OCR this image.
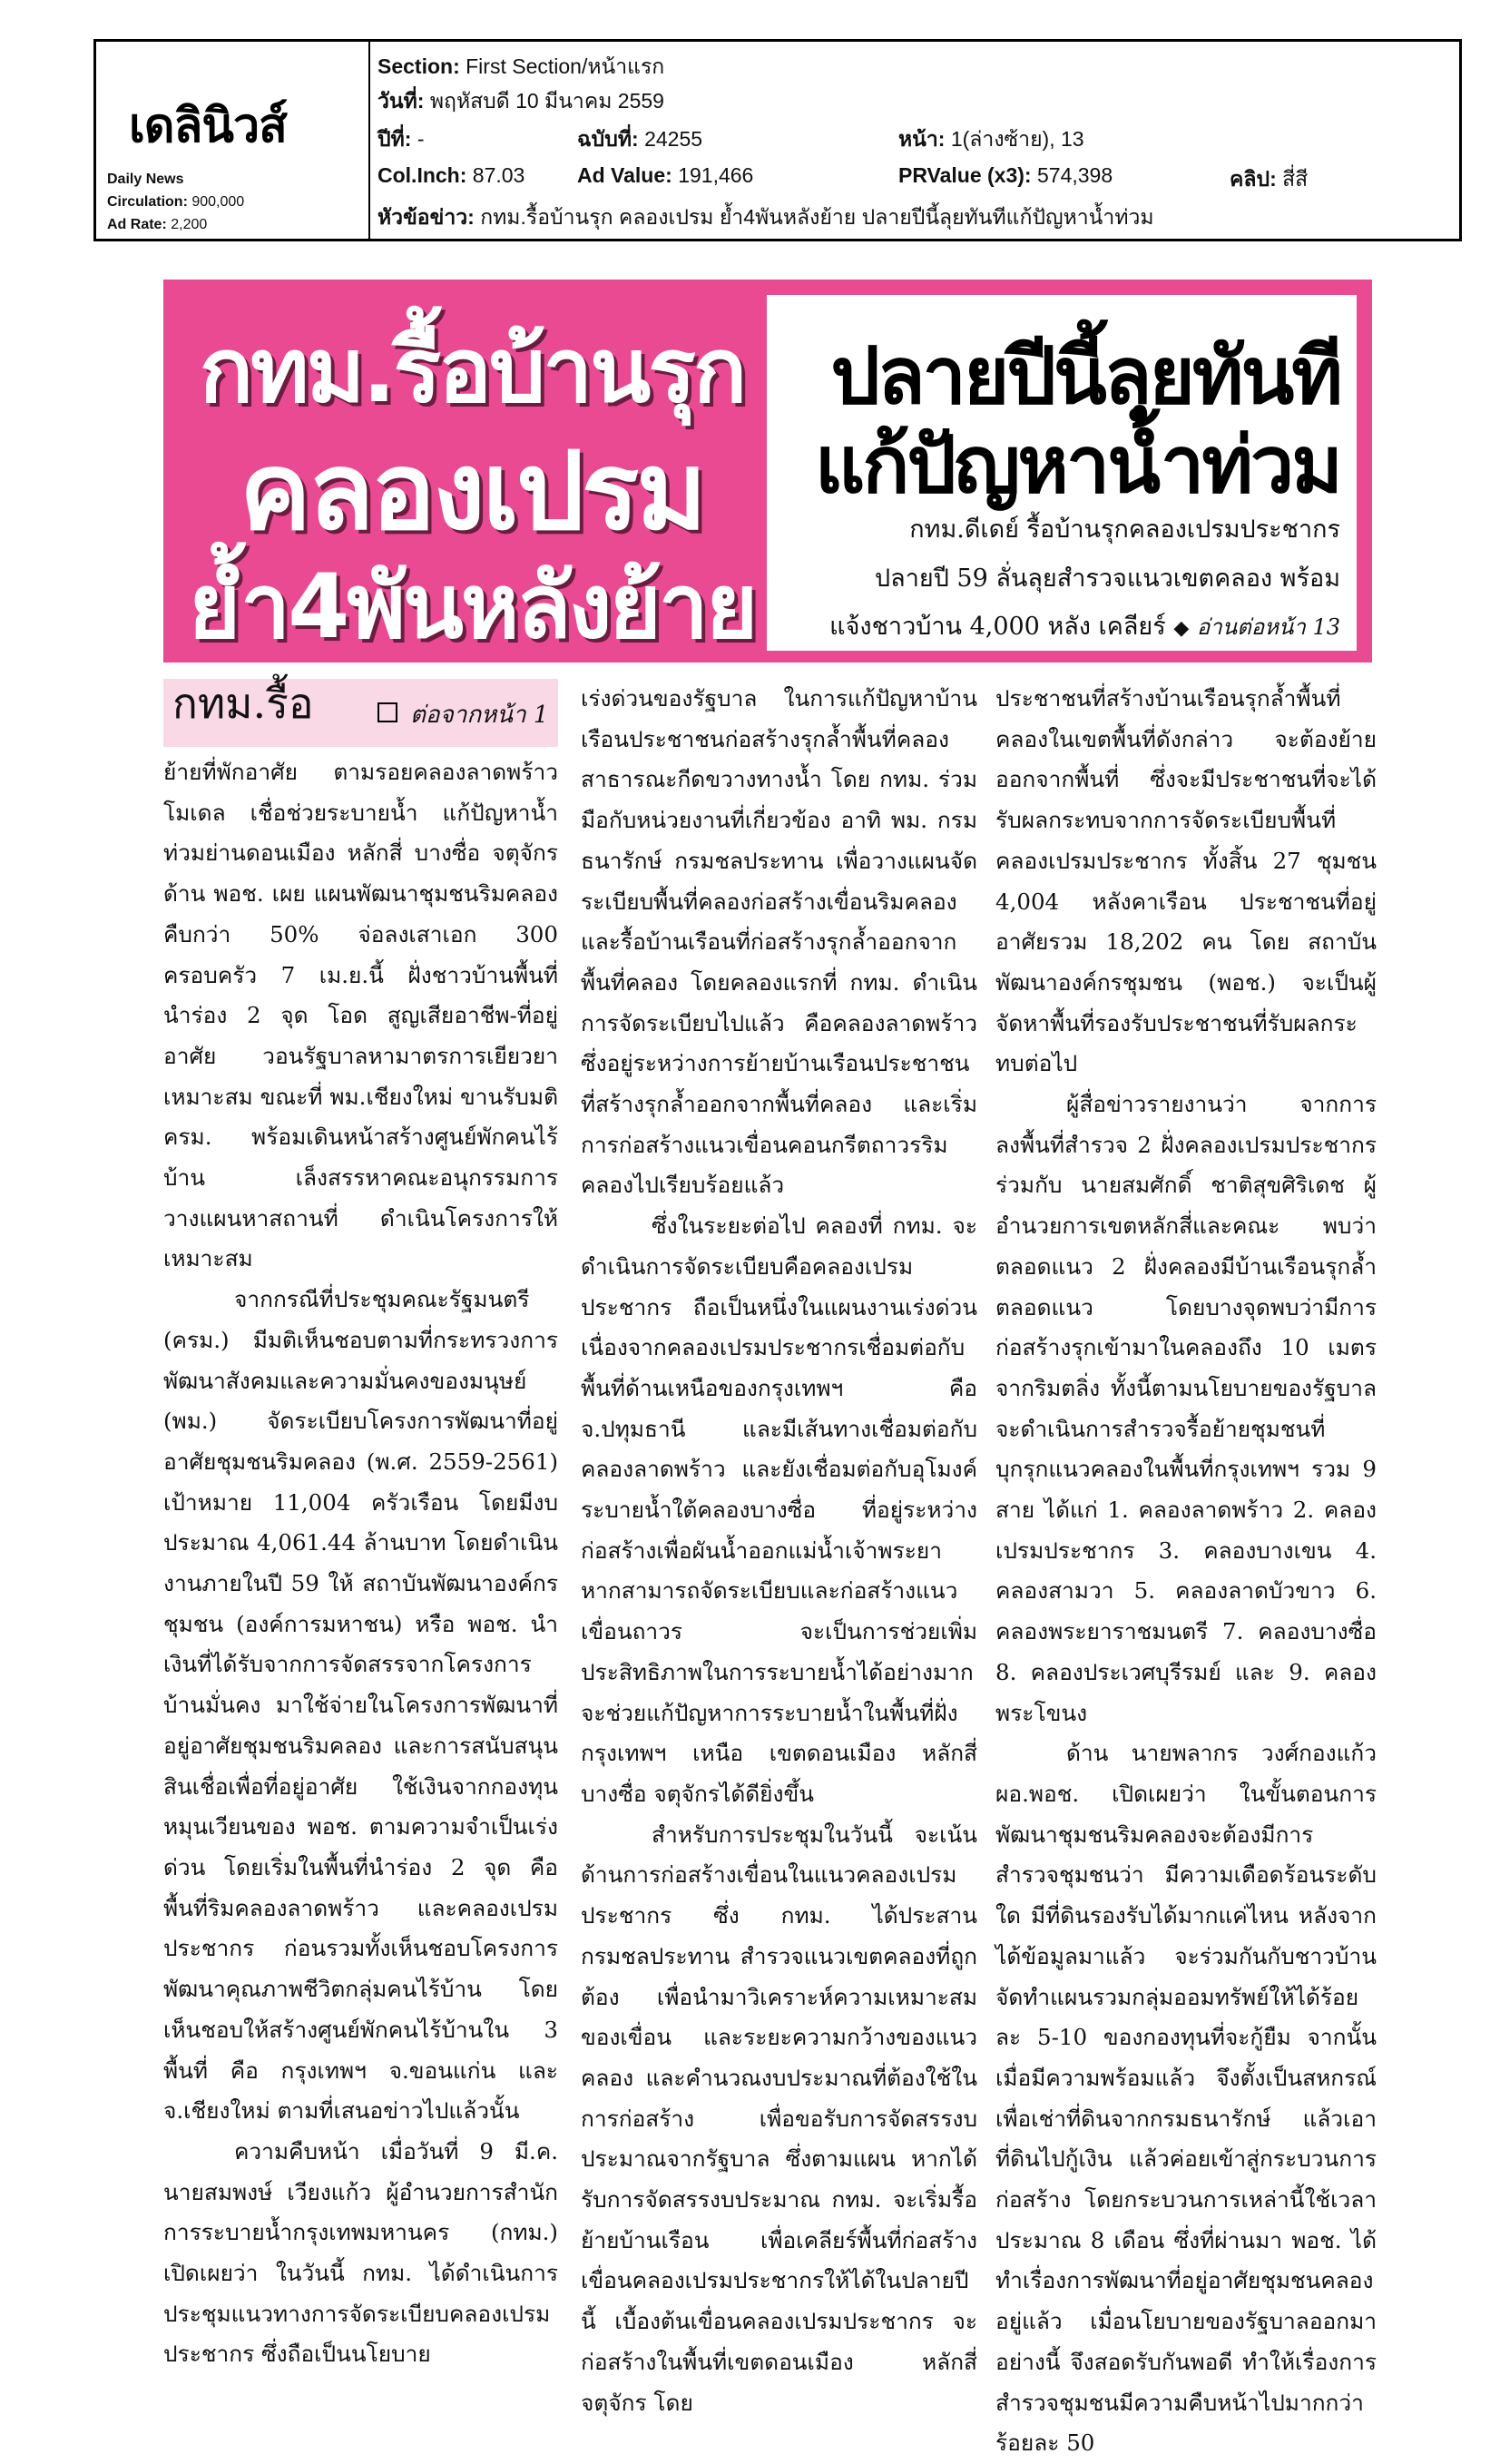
เดลินิวส์
Daily News
Circulation: 900,000
Ad Rate: 2,200
Section: First Section/หน้าแรก
วันที่: พฤหัสบดี 10 มีนาคม 2559
ปีที่: -	ฉบับที่: 24255	หน้า: 1(ล่างซ้าย), 13
Col.Inch: 87.03	Ad Value: 191,466	PRValue (x3): 574,398	คลิป: สี่สี
หัวข้อข่าว: กทม.รื้อบ้านรุก คลองเปรม ย้ำ4พันหลังย้าย ปลายปีนี้ลุยทันทีแก้ปัญหาน้ำท่วม
กทม.รื้อบ้านรุก
คลองเปรม
ย้ำ4พันหลังย้าย
ปลายปีนี้ลุยทันที
แก้ปัญหาน้ำท่วม
กทม.ดีเดย์ รื้อบ้านรุกคลองเปรมประชากร
ปลายปี 59 ลั่นลุยสำรวจแนวเขตคลอง พร้อม
แจ้งชาวบ้าน 4,000 หลัง เคลียร์ ◆ อ่านต่อหน้า 13
กทม.รื้อ	ต่อจากหน้า 1

ย้ายที่พักอาศัย ตามรอยคลองลาดพร้าวโมเดล เชื่อช่วยระบายน้ำ แก้ปัญหาน้ำท่วมย่านดอนเมือง หลักสี่ บางซื่อ จตุจักร ด้าน พอช. เผย แผนพัฒนาชุมชนริมคลอง คืบกว่า 50% จ่อลงเสาเอก 300 ครอบครัว 7 เม.ย.นี้ ฝั่งชาวบ้านพื้นที่นำร่อง 2 จุด โอด สูญเสียอาชีพ-ที่อยู่อาศัย วอนรัฐบาลหามาตรการเยียวยาเหมาะสม ขณะที่ พม.เชียงใหม่ ขานรับมติ ครม. พร้อมเดินหน้าสร้างศูนย์พักคนไร้บ้าน เล็งสรรหาคณะอนุกรรมการ วางแผนหาสถานที่ ดำเนินโครงการให้เหมาะสม

จากกรณีที่ประชุมคณะรัฐมนตรี (ครม.) มีมติเห็นชอบตามที่กระทรวงการพัฒนาสังคมและความมั่นคงของมนุษย์ (พม.) จัดระเบียบโครงการพัฒนาที่อยู่อาศัยชุมชนริมคลอง (พ.ศ. 2559-2561) เป้าหมาย 11,004 ครัวเรือน โดยมีงบประมาณ 4,061.44 ล้านบาท โดยดำเนินงานภายในปี 59 ให้ สถาบันพัฒนาองค์กรชุมชน (องค์การมหาชน) หรือ พอช. นำเงินที่ได้รับจากการจัดสรรจากโครงการบ้านมั่นคง มาใช้จ่ายในโครงการพัฒนาที่อยู่อาศัยชุมชนริมคลอง และการสนับสนุนสินเชื่อเพื่อที่อยู่อาศัย ใช้เงินจากกองทุนหมุนเวียนของ พอช. ตามความจำเป็นเร่งด่วน โดยเริ่มในพื้นที่นำร่อง 2 จุด คือ พื้นที่ริมคลองลาดพร้าว และคลองเปรมประชากร ก่อนรวมทั้งเห็นชอบโครงการพัฒนาคุณภาพชีวิตกลุ่มคนไร้บ้าน โดยเห็นชอบให้สร้างศูนย์พักคนไร้บ้านใน 3 พื้นที่ คือ กรุงเทพฯ จ.ขอนแก่น และ จ.เชียงใหม่ ตามที่เสนอข่าวไปแล้วนั้น

ความคืบหน้า เมื่อวันที่ 9 มี.ค. นายสมพงษ์ เวียงแก้ว ผู้อำนวยการสำนักการระบายน้ำกรุงเทพมหานคร (กทม.) เปิดเผยว่า ในวันนี้ กทม. ได้ดำเนินการประชุมแนวทางการจัดระเบียบคลองเปรมประชากร ซึ่งถือเป็นนโยบาย

เร่งด่วนของรัฐบาล ในการแก้ปัญหาบ้านเรือนประชาชนก่อสร้างรุกล้ำพื้นที่คลองสาธารณะกีดขวางทางน้ำ โดย กทม. ร่วมมือกับหน่วยงานที่เกี่ยวข้อง อาทิ พม. กรมธนารักษ์ กรมชลประทาน เพื่อวางแผนจัดระเบียบพื้นที่คลองก่อสร้างเขื่อนริมคลอง และรื้อบ้านเรือนที่ก่อสร้างรุกล้ำออกจากพื้นที่คลอง โดยคลองแรกที่ กทม. ดำเนินการจัดระเบียบไปแล้ว คือคลองลาดพร้าว ซึ่งอยู่ระหว่างการย้ายบ้านเรือนประชาชน ที่สร้างรุกล้ำออกจากพื้นที่คลอง และเริ่มการก่อสร้างแนวเขื่อนคอนกรีตถาวรริมคลองไปเรียบร้อยแล้ว

ซึ่งในระยะต่อไป คลองที่ กทม. จะดำเนินการจัดระเบียบคือคลองเปรมประชากร ถือเป็นหนึ่งในแผนงานเร่งด่วน เนื่องจากคลองเปรมประชากรเชื่อมต่อกับพื้นที่ด้านเหนือของกรุงเทพฯ คือ จ.ปทุมธานี และมีเส้นทางเชื่อมต่อกับคลองลาดพร้าว และยังเชื่อมต่อกับอุโมงค์ระบายน้ำใต้คลองบางซื่อ ที่อยู่ระหว่างก่อสร้างเพื่อผันน้ำออกแม่น้ำเจ้าพระยา หากสามารถจัดระเบียบและก่อสร้างแนวเขื่อนถาวร จะเป็นการช่วยเพิ่มประสิทธิภาพในการระบายน้ำได้อย่างมาก จะช่วยแก้ปัญหาการระบายน้ำในพื้นที่ฝั่งกรุงเทพฯ เหนือ เขตดอนเมือง หลักสี่ บางซื่อ จตุจักรได้ดียิ่งขึ้น

สำหรับการประชุมในวันนี้ จะเน้นด้านการก่อสร้างเขื่อนในแนวคลองเปรมประชากร ซึ่ง กทม. ได้ประสานกรมชลประทาน สำรวจแนวเขตคลองที่ถูกต้อง เพื่อนำมาวิเคราะห์ความเหมาะสมของเขื่อน และระยะความกว้างของแนวคลอง และคำนวณงบประมาณที่ต้องใช้ในการก่อสร้าง เพื่อขอรับการจัดสรรงบประมาณจากรัฐบาล ซึ่งตามแผน หากได้รับการจัดสรรงบประมาณ กทม. จะเริ่มรื้อย้ายบ้านเรือน เพื่อเคลียร์พื้นที่ก่อสร้างเขื่อนคลองเปรมประชากรให้ได้ในปลายปีนี้ เบื้องต้นเขื่อนคลองเปรมประชากร จะก่อสร้างในพื้นที่เขตดอนเมือง หลักสี่ จตุจักร โดย

ประชาชนที่สร้างบ้านเรือนรุกล้ำพื้นที่คลองในเขตพื้นที่ดังกล่าว จะต้องย้ายออกจากพื้นที่ ซึ่งจะมีประชาชนที่จะได้รับผลกระทบจากการจัดระเบียบพื้นที่คลองเปรมประชากร ทั้งสิ้น 27 ชุมชน 4,004 หลังคาเรือน ประชาชนที่อยู่อาศัยรวม 18,202 คน โดย สถาบันพัฒนาองค์กรชุมชน (พอช.) จะเป็นผู้จัดหาพื้นที่รองรับประชาชนที่รับผลกระทบต่อไป

ผู้สื่อข่าวรายงานว่า จากการลงพื้นที่สำรวจ 2 ฝั่งคลองเปรมประชากรร่วมกับ นายสมศักดิ์ ชาติสุขศิริเดช ผู้อำนวยการเขตหลักสี่และคณะ พบว่าตลอดแนว 2 ฝั่งคลองมีบ้านเรือนรุกล้ำตลอดแนว โดยบางจุดพบว่ามีการก่อสร้างรุกเข้ามาในคลองถึง 10 เมตรจากริมตลิ่ง ทั้งนี้ตามนโยบายของรัฐบาลจะดำเนินการสำรวจรื้อย้ายชุมชนที่บุกรุกแนวคลองในพื้นที่กรุงเทพฯ รวม 9 สาย ได้แก่ 1. คลองลาดพร้าว 2. คลองเปรมประชากร 3. คลองบางเขน 4. คลองสามวา 5. คลองลาดบัวขาว 6. คลองพระยาราชมนตรี 7. คลองบางซื่อ 8. คลองประเวศบุรีรมย์ และ 9. คลองพระโขนง

ด้าน นายพลากร วงศ์กองแก้ว ผอ.พอช. เปิดเผยว่า ในขั้นตอนการพัฒนาชุมชนริมคลองจะต้องมีการสำรวจชุมชนว่า มีความเดือดร้อนระดับใด มีที่ดินรองรับได้มากแค่ไหน หลังจากได้ข้อมูลมาแล้ว จะร่วมกันกับชาวบ้านจัดทำแผนรวมกลุ่มออมทรัพย์ให้ได้ร้อยละ 5-10 ของกองทุนที่จะกู้ยืม จากนั้นเมื่อมีความพร้อมแล้ว จึงตั้งเป็นสหกรณ์เพื่อเช่าที่ดินจากกรมธนารักษ์ แล้วเอาที่ดินไปกู้เงิน แล้วค่อยเข้าสู่กระบวนการก่อสร้าง โดยกระบวนการเหล่านี้ใช้เวลาประมาณ 8 เดือน ซึ่งที่ผ่านมา พอช. ได้ทำเรื่องการพัฒนาที่อยู่อาศัยชุมชนคลองอยู่แล้ว เมื่อนโยบายของรัฐบาลออกมาอย่างนี้ จึงสอดรับกันพอดี ทำให้เรื่องการสำรวจชุมชนมีความคืบหน้าไปมากกว่าร้อยละ 50
